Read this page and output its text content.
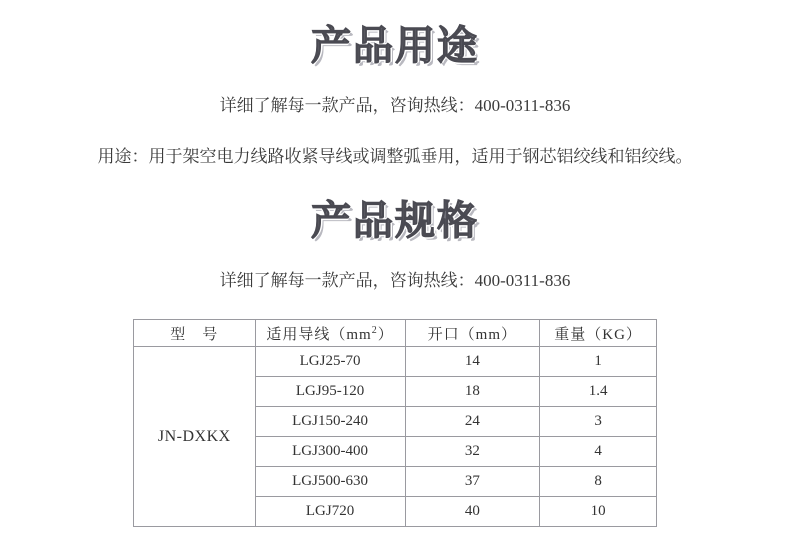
产品用途
详细了解每一款产品，咨询热线：400-0311-836
用途：用于架空电力线路收紧导线或调整弧垂用，适用于钢芯铝绞线和铝绞线。
产品规格
详细了解每一款产品，咨询热线：400-0311-836
型　号	适用导线$(mm^2)$	开口（mm）	重量（KG）
JN-DXKX	LGJ25-70	14	1
	LGJ95-120	18	1.4
	LGJ150-240	24	3
	LGJ300-400	32	4
	LGJ500-630	37	8
	LGJ720	40	10
